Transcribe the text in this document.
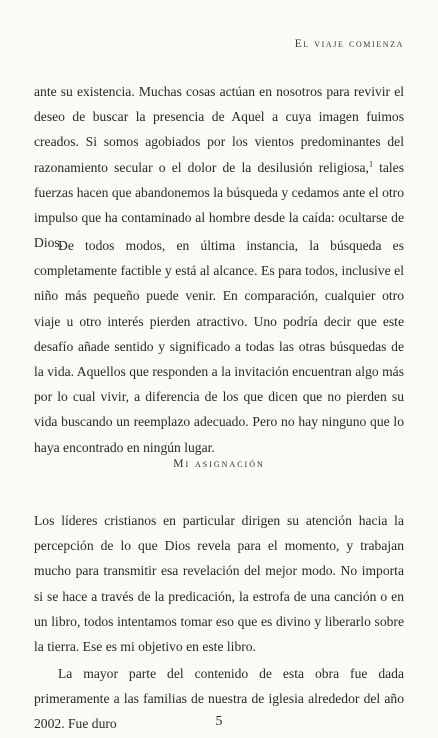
El viaje comienza

ante su existencia. Muchas cosas actúan en nosotros para revivir el deseo de buscar la presencia de Aquel a cuya imagen fuimos creados. Si somos agobiados por los vientos predominantes del razonamiento secular o el dolor de la desilusión religiosa,$^1$ tales fuerzas hacen que abandonemos la búsqueda y cedamos ante el otro impulso que ha contaminado al hombre desde la caída: ocultarse de Dios.

De todos modos, en última instancia, la búsqueda es completamente factible y está al alcance. Es para todos, inclusive el niño más pequeño puede venir. En comparación, cualquier otro viaje u otro interés pierden atractivo. Uno podría decir que este desafío añade sentido y significado a todas las otras búsquedas de la vida. Aquellos que responden a la invitación encuentran algo más por lo cual vivir, a diferencia de los que dicen que no pierden su vida buscando un reemplazo adecuado. Pero no hay ninguno que lo haya encontrado en ningún lugar.

Mi asignación

Los líderes cristianos en particular dirigen su atención hacia la percepción de lo que Dios revela para el momento, y trabajan mucho para transmitir esa revelación del mejor modo. No importa si se hace a través de la predicación, la estrofa de una canción o en un libro, todos intentamos tomar eso que es divino y liberarlo sobre la tierra. Ese es mi objetivo en este libro.

La mayor parte del contenido de esta obra fue dada primeramente a las familias de nuestra de iglesia alrededor del año 2002. Fue duro	5
